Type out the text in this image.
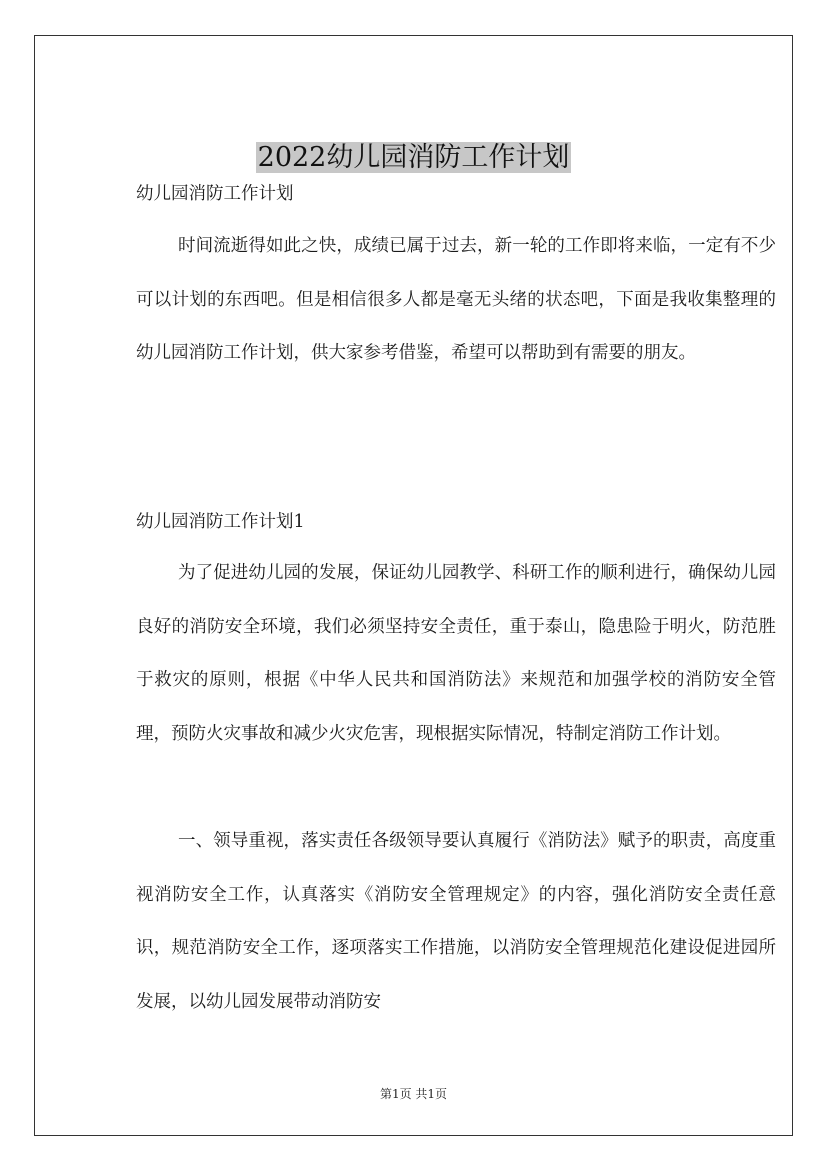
2022幼儿园消防工作计划
幼儿园消防工作计划
时间流逝得如此之快，成绩已属于过去，新一轮的工作即将来临，一定有不少可以计划的东西吧。但是相信很多人都是毫无头绪的状态吧，下面是我收集整理的幼儿园消防工作计划，供大家参考借鉴，希望可以帮助到有需要的朋友。
幼儿园消防工作计划1
为了促进幼儿园的发展，保证幼儿园教学、科研工作的顺利进行，确保幼儿园良好的消防安全环境，我们必须坚持安全责任，重于泰山，隐患险于明火，防范胜于救灾的原则，根据《中华人民共和国消防法》来规范和加强学校的消防安全管理，预防火灾事故和减少火灾危害，现根据实际情况，特制定消防工作计划。
一、领导重视，落实责任各级领导要认真履行《消防法》赋予的职责，高度重视消防安全工作，认真落实《消防安全管理规定》的内容，强化消防安全责任意识，规范消防安全工作，逐项落实工作措施，以消防安全管理规范化建设促进园所发展，以幼儿园发展带动消防安
第1页 共1页
